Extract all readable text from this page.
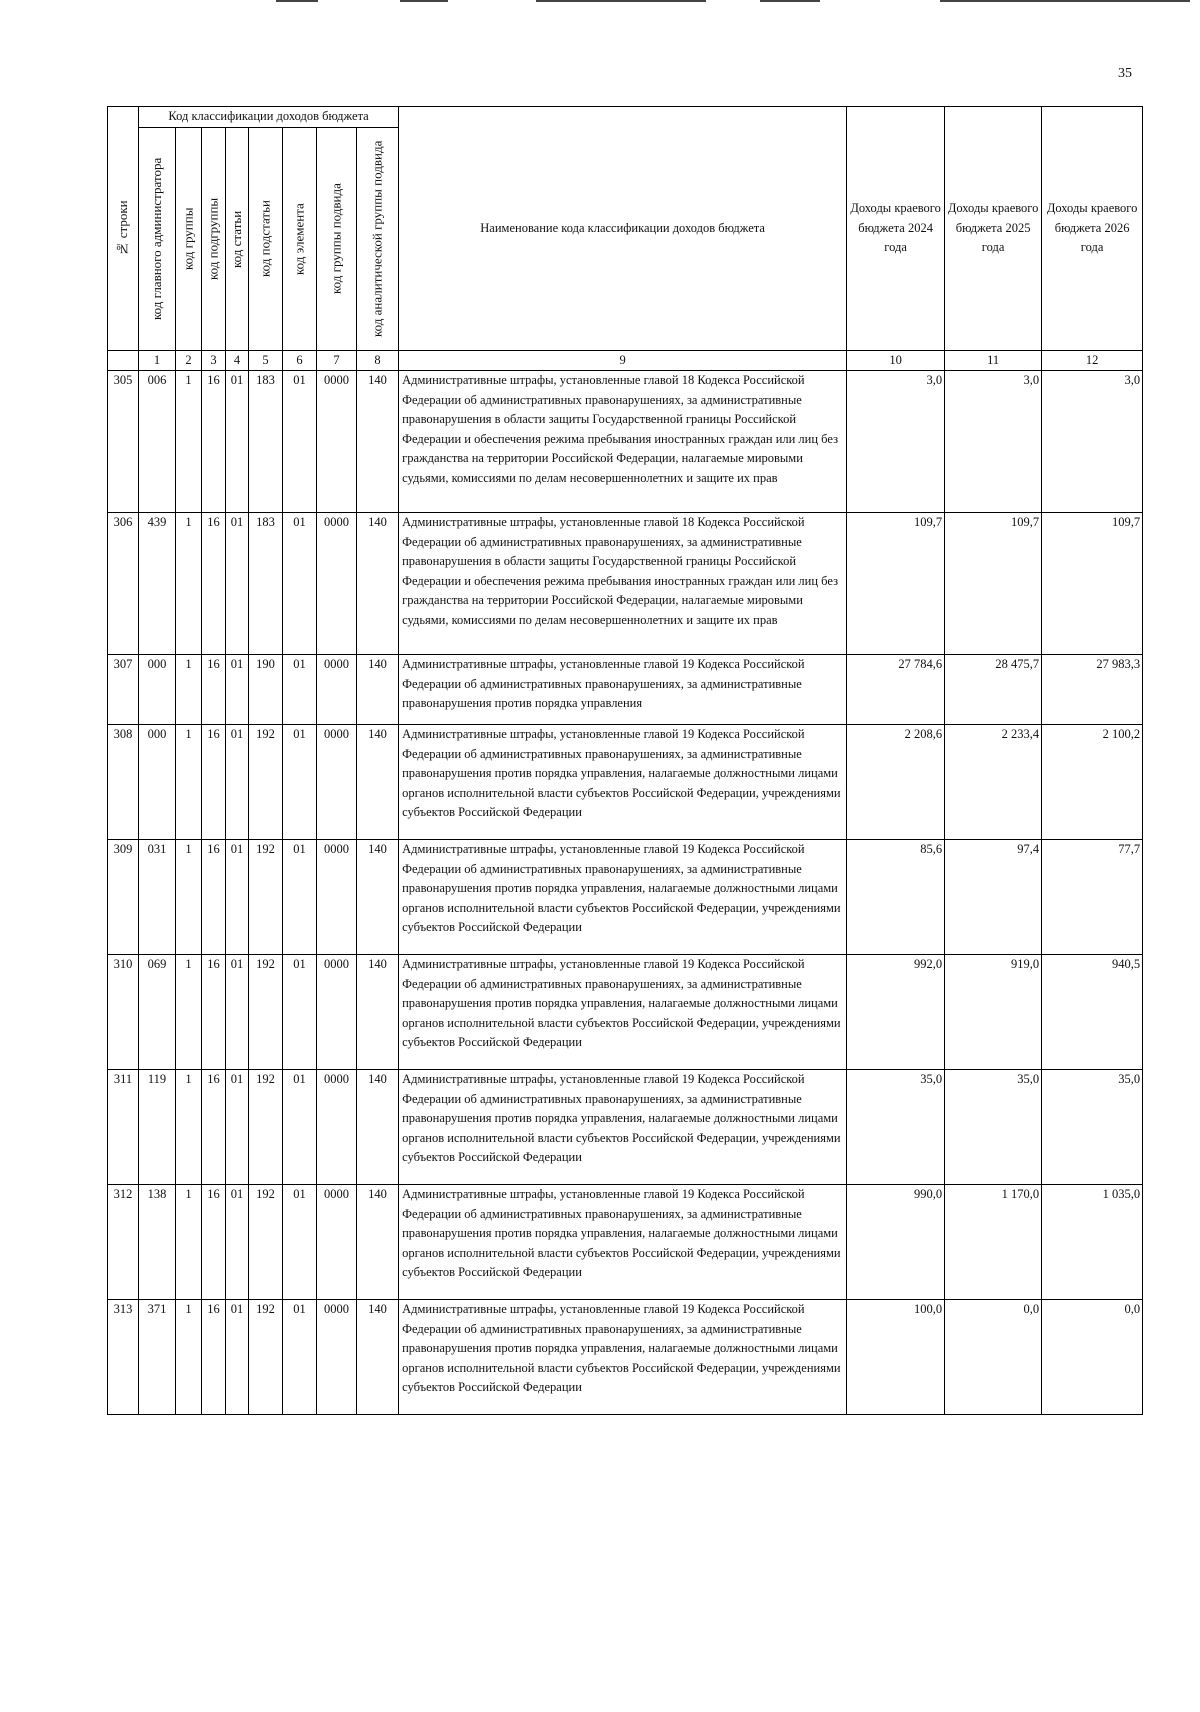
35
№ строки	Код классификации доходов бюджета								Наименование кода классификации доходов бюджета	Доходы краевого бюджета 2024 года	Доходы краевого бюджета 2025 года	Доходы краевого бюджета 2026 года

код главного администратора	код группы	код подгруппы	код статьи	код подстатьи	код элемента	код группы подвида	код аналитической группы подвида				

	1	2	3	4	5	6	7	8	9	10	11	12
305	006	1	16	01	183	01	0000	140	Административные штрафы, установленные главой 18 Кодекса Российской Федерации об административных правонарушениях, за административные правонарушения в области защиты Государственной границы Российской Федерации и обеспечения режима пребывания иностранных граждан или лиц без гражданства на территории Российской Федерации, налагаемые мировыми судьями, комиссиями по делам несовершеннолетних и защите их прав	3,0	3,0	3,0
306	439	1	16	01	183	01	0000	140	Административные штрафы, установленные главой 18 Кодекса Российской Федерации об административных правонарушениях, за административные правонарушения в области защиты Государственной границы Российской Федерации и обеспечения режима пребывания иностранных граждан или лиц без гражданства на территории Российской Федерации, налагаемые мировыми судьями, комиссиями по делам несовершеннолетних и защите их прав	109,7	109,7	109,7
307	000	1	16	01	190	01	0000	140	Административные штрафы, установленные главой 19 Кодекса Российской Федерации об административных правонарушениях, за административные правонарушения против порядка управления	27 784,6	28 475,7	27 983,3
308	000	1	16	01	192	01	0000	140	Административные штрафы, установленные главой 19 Кодекса Российской Федерации об административных правонарушениях, за административные правонарушения против порядка управления, налагаемые должностными лицами органов исполнительной власти субъектов Российской Федерации, учреждениями субъектов Российской Федерации	2 208,6	2 233,4	2 100,2
309	031	1	16	01	192	01	0000	140	Административные штрафы, установленные главой 19 Кодекса Российской Федерации об административных правонарушениях, за административные правонарушения против порядка управления, налагаемые должностными лицами органов исполнительной власти субъектов Российской Федерации, учреждениями субъектов Российской Федерации	85,6	97,4	77,7
310	069	1	16	01	192	01	0000	140	Административные штрафы, установленные главой 19 Кодекса Российской Федерации об административных правонарушениях, за административные правонарушения против порядка управления, налагаемые должностными лицами органов исполнительной власти субъектов Российской Федерации, учреждениями субъектов Российской Федерации	992,0	919,0	940,5
311	119	1	16	01	192	01	0000	140	Административные штрафы, установленные главой 19 Кодекса Российской Федерации об административных правонарушениях, за административные правонарушения против порядка управления, налагаемые должностными лицами органов исполнительной власти субъектов Российской Федерации, учреждениями субъектов Российской Федерации	35,0	35,0	35,0
312	138	1	16	01	192	01	0000	140	Административные штрафы, установленные главой 19 Кодекса Российской Федерации об административных правонарушениях, за административные правонарушения против порядка управления, налагаемые должностными лицами органов исполнительной власти субъектов Российской Федерации, учреждениями субъектов Российской Федерации	990,0	1 170,0	1 035,0
313	371	1	16	01	192	01	0000	140	Административные штрафы, установленные главой 19 Кодекса Российской Федерации об административных правонарушениях, за административные правонарушения против порядка управления, налагаемые должностными лицами органов исполнительной власти субъектов Российской Федерации, учреждениями субъектов Российской Федерации	100,0	0,0	0,0
